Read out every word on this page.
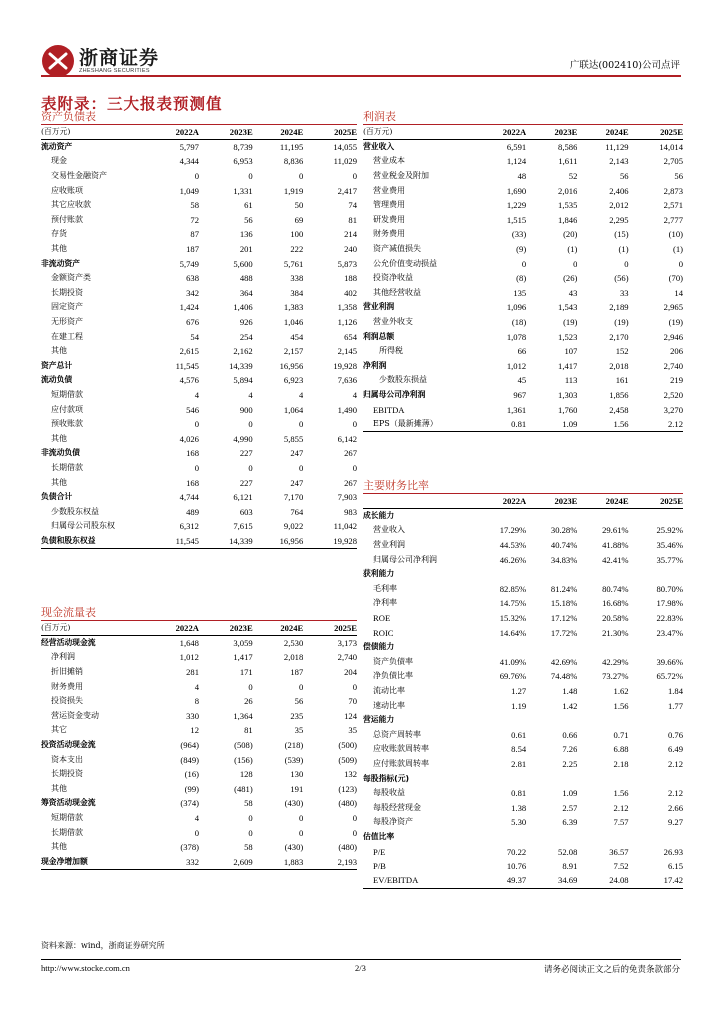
浙商证券
ZHESHANG SECURITIES	广联达(002410)公司点评
表附录：三大报表预测值
资产负债表
(百万元)	2022A	2023E	2024E	2025E
流动资产	5,797	8,739	11,195	14,055
现金	4,344	6,953	8,836	11,029
交易性金融资产	0	0	0	0
应收账项	1,049	1,331	1,919	2,417
其它应收款	58	61	50	74
预付账款	72	56	69	81
存货	87	136	100	214
其他	187	201	222	240
非流动资产	5,749	5,600	5,761	5,873
金额资产类	638	488	338	188
长期投资	342	364	384	402
固定资产	1,424	1,406	1,383	1,358
无形资产	676	926	1,046	1,126
在建工程	54	254	454	654
其他	2,615	2,162	2,157	2,145
资产总计	11,545	14,339	16,956	19,928
流动负债	4,576	5,894	6,923	7,636
短期借款	4	4	4	4
应付款项	546	900	1,064	1,490
预收账款	0	0	0	0
其他	4,026	4,990	5,855	6,142
非流动负债	168	227	247	267
长期借款	0	0	0	0
其他	168	227	247	267
负债合计	4,744	6,121	7,170	7,903
少数股东权益	489	603	764	983
归属母公司股东权	6,312	7,615	9,022	11,042
负债和股东权益	11,545	14,339	16,956	19,928
利润表
(百万元)	2022A	2023E	2024E	2025E
营业收入	6,591	8,586	11,129	14,014
营业成本	1,124	1,611	2,143	2,705
营业税金及附加	48	52	56	56
营业费用	1,690	2,016	2,406	2,873
管理费用	1,229	1,535	2,012	2,571
研发费用	1,515	1,846	2,295	2,777
财务费用	(33)	(20)	(15)	(10)
资产减值损失	(9)	(1)	(1)	(1)
公允价值变动损益	0	0	0	0
投资净收益	(8)	(26)	(56)	(70)
其他经营收益	135	43	33	14
营业利润	1,096	1,543	2,189	2,965
营业外收支	(18)	(19)	(19)	(19)
利润总额	1,078	1,523	2,170	2,946
所得税	66	107	152	206
净利润	1,012	1,417	2,018	2,740
少数股东损益	45	113	161	219
归属母公司净利润	967	1,303	1,856	2,520
EBITDA	1,361	1,760	2,458	3,270
EPS（最新摊薄）	0.81	1.09	1.56	2.12
现金流量表
(百万元)	2022A	2023E	2024E	2025E
经营活动现金流	1,648	3,059	2,530	3,173
净利润	1,012	1,417	2,018	2,740
折旧摊销	281	171	187	204
财务费用	4	0	0	0
投资损失	8	26	56	70
营运资金变动	330	1,364	235	124
其它	12	81	35	35
投资活动现金流	(964)	(508)	(218)	(500)
资本支出	(849)	(156)	(539)	(509)
长期投资	(16)	128	130	132
其他	(99)	(481)	191	(123)
筹资活动现金流	(374)	58	(430)	(480)
短期借款	4	0	0	0
长期借款	0	0	0	0
其他	(378)	58	(430)	(480)
现金净增加额	332	2,609	1,883	2,193
主要财务比率
	2022A	2023E	2024E	2025E
成长能力				
营业收入	17.29%	30.28%	29.61%	25.92%
营业利润	44.53%	40.74%	41.88%	35.46%
归属母公司净利润	46.26%	34.83%	42.41%	35.77%
获利能力				
毛利率	82.85%	81.24%	80.74%	80.70%
净利率	14.75%	15.18%	16.68%	17.98%
ROE	15.32%	17.12%	20.58%	22.83%
ROIC	14.64%	17.72%	21.30%	23.47%
偿债能力				
资产负债率	41.09%	42.69%	42.29%	39.66%
净负债比率	69.76%	74.48%	73.27%	65.72%
流动比率	1.27	1.48	1.62	1.84
速动比率	1.19	1.42	1.56	1.77
营运能力				
总资产周转率	0.61	0.66	0.71	0.76
应收账款周转率	8.54	7.26	6.88	6.49
应付账款周转率	2.81	2.25	2.18	2.12
每股指标(元)				
每股收益	0.81	1.09	1.56	2.12
每股经营现金	1.38	2.57	2.12	2.66
每股净资产	5.30	6.39	7.57	9.27
估值比率				
P/E	70.22	52.08	36.57	26.93
P/B	10.76	8.91	7.52	6.15
EV/EBITDA	49.37	34.69	24.08	17.42
资料来源：wind，浙商证券研究所
http://www.stocke.com.cn	2/3	请务必阅读正文之后的免责条款部分
